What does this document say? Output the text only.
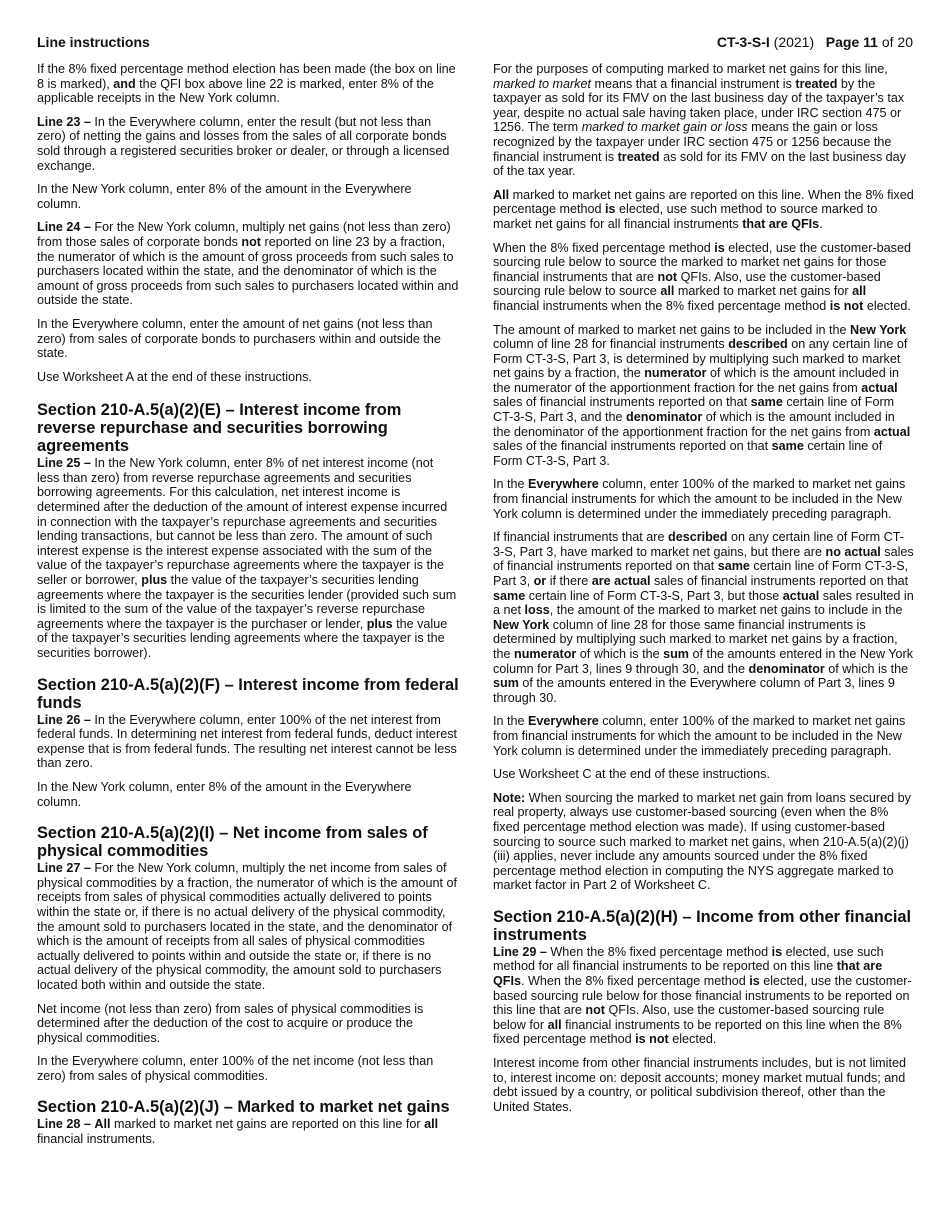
Line instructions	CT-3-S-I (2021) Page 11 of 20

If the 8% fixed percentage method election has been made (the box on line 8 is marked), and the QFI box above line 22 is marked, enter 8% of the applicable receipts in the New York column.

Line 23 – In the Everywhere column, enter the result (but not less than zero) of netting the gains and losses from the sales of all corporate bonds sold through a registered securities broker or dealer, or through a licensed exchange.

In the New York column, enter 8% of the amount in the Everywhere column.

Line 24 – For the New York column, multiply net gains (not less than zero) from those sales of corporate bonds not reported on line 23 by a fraction, the numerator of which is the amount of gross proceeds from such sales to purchasers located within the state, and the denominator of which is the amount of gross proceeds from such sales to purchasers located within and outside the state.

In the Everywhere column, enter the amount of net gains (not less than zero) from sales of corporate bonds to purchasers within and outside the state.

Use Worksheet A at the end of these instructions.

Section 210-A.5(a)(2)(E) – Interest income from reverse repurchase and securities borrowing agreements

Line 25 – In the New York column, enter 8% of net interest income (not less than zero) from reverse repurchase agreements and securities borrowing agreements. For this calculation, net interest income is determined after the deduction of the amount of interest expense incurred in connection with the taxpayer’s repurchase agreements and securities lending transactions, but cannot be less than zero. The amount of such interest expense is the interest expense associated with the sum of the value of the taxpayer’s repurchase agreements where the taxpayer is the seller or borrower, plus the value of the taxpayer’s securities lending agreements where the taxpayer is the securities lender (provided such sum is limited to the sum of the value of the taxpayer’s reverse repurchase agreements where the taxpayer is the purchaser or lender, plus the value of the taxpayer’s securities lending agreements where the taxpayer is the securities borrower).

Section 210-A.5(a)(2)(F) – Interest income from federal funds

Line 26 – In the Everywhere column, enter 100% of the net interest from federal funds. In determining net interest from federal funds, deduct interest expense that is from federal funds. The resulting net interest cannot be less than zero.

In the New York column, enter 8% of the amount in the Everywhere column.

Section 210-A.5(a)(2)(I) – Net income from sales of physical commodities

Line 27 – For the New York column, multiply the net income from sales of physical commodities by a fraction, the numerator of which is the amount of receipts from sales of physical commodities actually delivered to points within the state or, if there is no actual delivery of the physical commodity, the amount sold to purchasers located in the state, and the denominator of which is the amount of receipts from all sales of physical commodities actually delivered to points within and outside the state or, if there is no actual delivery of the physical commodity, the amount sold to purchasers located both within and outside the state.

Net income (not less than zero) from sales of physical commodities is determined after the deduction of the cost to acquire or produce the physical commodities.

In the Everywhere column, enter 100% of the net income (not less than zero) from sales of physical commodities.

Section 210-A.5(a)(2)(J) – Marked to market net gains

Line 28 – All marked to market net gains are reported on this line for all financial instruments.

For the purposes of computing marked to market net gains for this line, marked to market means that a financial instrument is treated by the taxpayer as sold for its FMV on the last business day of the taxpayer’s tax year, despite no actual sale having taken place, under IRC section 475 or 1256. The term marked to market gain or loss means the gain or loss recognized by the taxpayer under IRC section 475 or 1256 because the financial instrument is treated as sold for its FMV on the last business day of the tax year.

All marked to market net gains are reported on this line. When the 8% fixed percentage method is elected, use such method to source marked to market net gains for all financial instruments that are QFIs.

When the 8% fixed percentage method is elected, use the customer-based sourcing rule below to source the marked to market net gains for those financial instruments that are not QFIs. Also, use the customer-based sourcing rule below to source all marked to market net gains for all financial instruments when the 8% fixed percentage method is not elected.

The amount of marked to market net gains to be included in the New York column of line 28 for financial instruments described on any certain line of Form CT-3-S, Part 3, is determined by multiplying such marked to market net gains by a fraction, the numerator of which is the amount included in the numerator of the apportionment fraction for the net gains from actual sales of financial instruments reported on that same certain line of Form CT-3-S, Part 3, and the denominator of which is the amount included in the denominator of the apportionment fraction for the net gains from actual sales of the financial instruments reported on that same certain line of Form CT-3-S, Part 3.

In the Everywhere column, enter 100% of the marked to market net gains from financial instruments for which the amount to be included in the New York column is determined under the immediately preceding paragraph.

If financial instruments that are described on any certain line of Form CT-3-S, Part 3, have marked to market net gains, but there are no actual sales of financial instruments reported on that same certain line of Form CT-3-S, Part 3, or if there are actual sales of financial instruments reported on that same certain line of Form CT-3-S, Part 3, but those actual sales resulted in a net loss, the amount of the marked to market net gains to include in the New York column of line 28 for those same financial instruments is determined by multiplying such marked to market net gains by a fraction, the numerator of which is the sum of the amounts entered in the New York column for Part 3, lines 9 through 30, and the denominator of which is the sum of the amounts entered in the Everywhere column of Part 3, lines 9 through 30.

In the Everywhere column, enter 100% of the marked to market net gains from financial instruments for which the amount to be included in the New York column is determined under the immediately preceding paragraph.

Use Worksheet C at the end of these instructions.

Note: When sourcing the marked to market net gain from loans secured by real property, always use customer-based sourcing (even when the 8% fixed percentage method election was made). If using customer-based sourcing to source such marked to market net gains, when 210-A.5(a)(2)(j)(iii) applies, never include any amounts sourced under the 8% fixed percentage method election in computing the NYS aggregate marked to market factor in Part 2 of Worksheet C.

Section 210-A.5(a)(2)(H) – Income from other financial instruments

Line 29 – When the 8% fixed percentage method is elected, use such method for all financial instruments to be reported on this line that are QFIs. When the 8% fixed percentage method is elected, use the customer-based sourcing rule below for those financial instruments to be reported on this line that are not QFIs. Also, use the customer-based sourcing rule below for all financial instruments to be reported on this line when the 8% fixed percentage method is not elected.

Interest income from other financial instruments includes, but is not limited to, interest income on: deposit accounts; money market mutual funds; and debt issued by a country, or political subdivision thereof, other than the United States.
